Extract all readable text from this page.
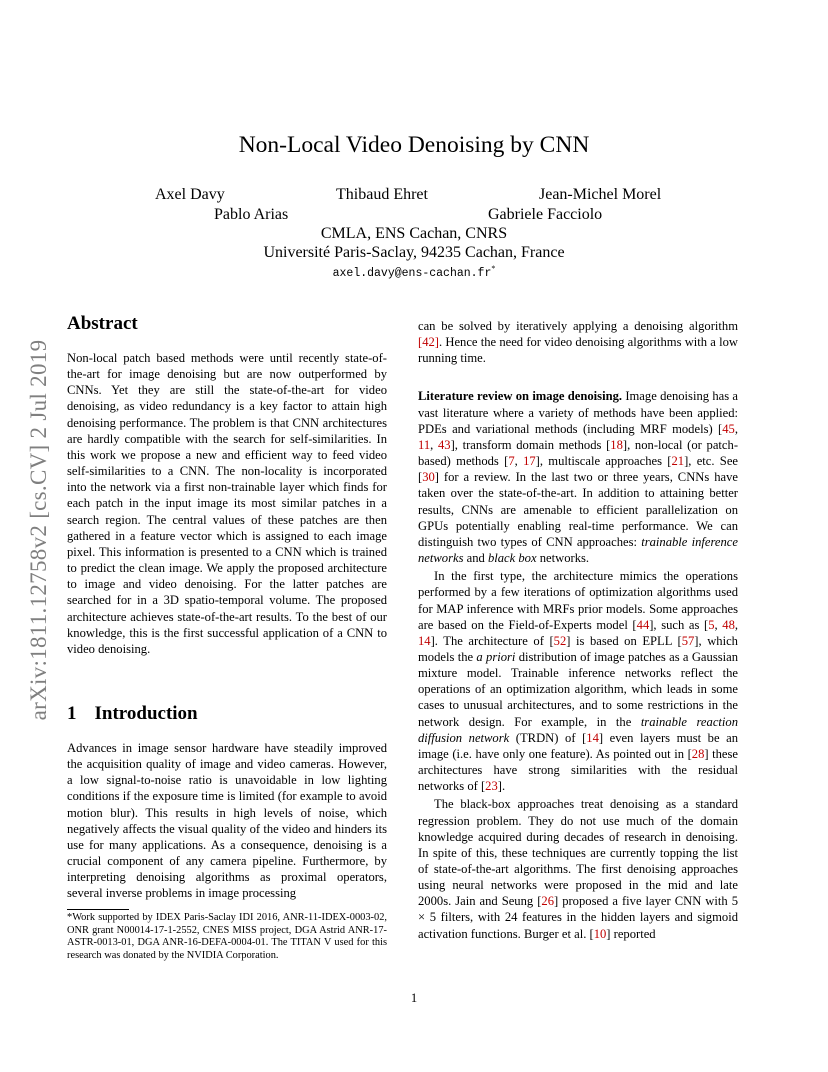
Non-Local Video Denoising by CNN
Axel Davy	Thibaud Ehret	Jean-Michel Morel
Pablo Arias	Gabriele Facciolo
CMLA, ENS Cachan, CNRS
Université Paris-Saclay, 94235 Cachan, France
axel.davy@ens-cachan.fr*
arXiv:1811.12758v2 [cs.CV] 2 Jul 2019
Abstract

Non-local patch based methods were until recently state-of-the-art for image denoising but are now outperformed by CNNs. Yet they are still the state-of-the-art for video denoising, as video redundancy is a key factor to attain high denoising performance. The problem is that CNN architectures are hardly compatible with the search for self-similarities. In this work we propose a new and efficient way to feed video self-similarities to a CNN. The non-locality is incorporated into the network via a first non-trainable layer which finds for each patch in the input image its most similar patches in a search region. The central values of these patches are then gathered in a feature vector which is assigned to each image pixel. This information is presented to a CNN which is trained to predict the clean image. We apply the proposed architecture to image and video denoising. For the latter patches are searched for in a 3D spatio-temporal volume. The proposed architecture achieves state-of-the-art results. To the best of our knowledge, this is the first successful application of a CNN to video denoising.

1 Introduction

Advances in image sensor hardware have steadily improved the acquisition quality of image and video cameras. However, a low signal-to-noise ratio is unavoidable in low lighting conditions if the exposure time is limited (for example to avoid motion blur). This results in high levels of noise, which negatively affects the visual quality of the video and hinders its use for many applications. As a consequence, denoising is a crucial component of any camera pipeline. Furthermore, by interpreting denoising algorithms as proximal operators, several inverse problems in image processing

*Work supported by IDEX Paris-Saclay IDI 2016, ANR-11-IDEX-0003-02, ONR grant N00014-17-1-2552, CNES MISS project, DGA Astrid ANR-17-ASTR-0013-01, DGA ANR-16-DEFA-0004-01. The TITAN V used for this research was donated by the NVIDIA Corporation.

can be solved by iteratively applying a denoising algorithm [42]. Hence the need for video denoising algorithms with a low running time.

Literature review on image denoising. Image denoising has a vast literature where a variety of methods have been applied: PDEs and variational methods (including MRF models) [45, 11, 43], transform domain methods [18], non-local (or patch-based) methods [7, 17], multiscale approaches [21], etc. See [30] for a review. In the last two or three years, CNNs have taken over the state-of-the-art. In addition to attaining better results, CNNs are amenable to efficient parallelization on GPUs potentially enabling real-time performance. We can distinguish two types of CNN approaches: trainable inference networks and black box networks.

In the first type, the architecture mimics the operations performed by a few iterations of optimization algorithms used for MAP inference with MRFs prior models. Some approaches are based on the Field-of-Experts model [44], such as [5, 48, 14]. The architecture of [52] is based on EPLL [57], which models the a priori distribution of image patches as a Gaussian mixture model. Trainable inference networks reflect the operations of an optimization algorithm, which leads in some cases to unusual architectures, and to some restrictions in the network design. For example, in the trainable reaction diffusion network (TRDN) of [14] even layers must be an image (i.e. have only one feature). As pointed out in [28] these architectures have strong similarities with the residual networks of [23].

The black-box approaches treat denoising as a standard regression problem. They do not use much of the domain knowledge acquired during decades of research in denoising. In spite of this, these techniques are currently topping the list of state-of-the-art algorithms. The first denoising approaches using neural networks were proposed in the mid and late 2000s. Jain and Seung [26] proposed a five layer CNN with 5 × 5 filters, with 24 features in the hidden layers and sigmoid activation functions. Burger et al. [10] reported

1
